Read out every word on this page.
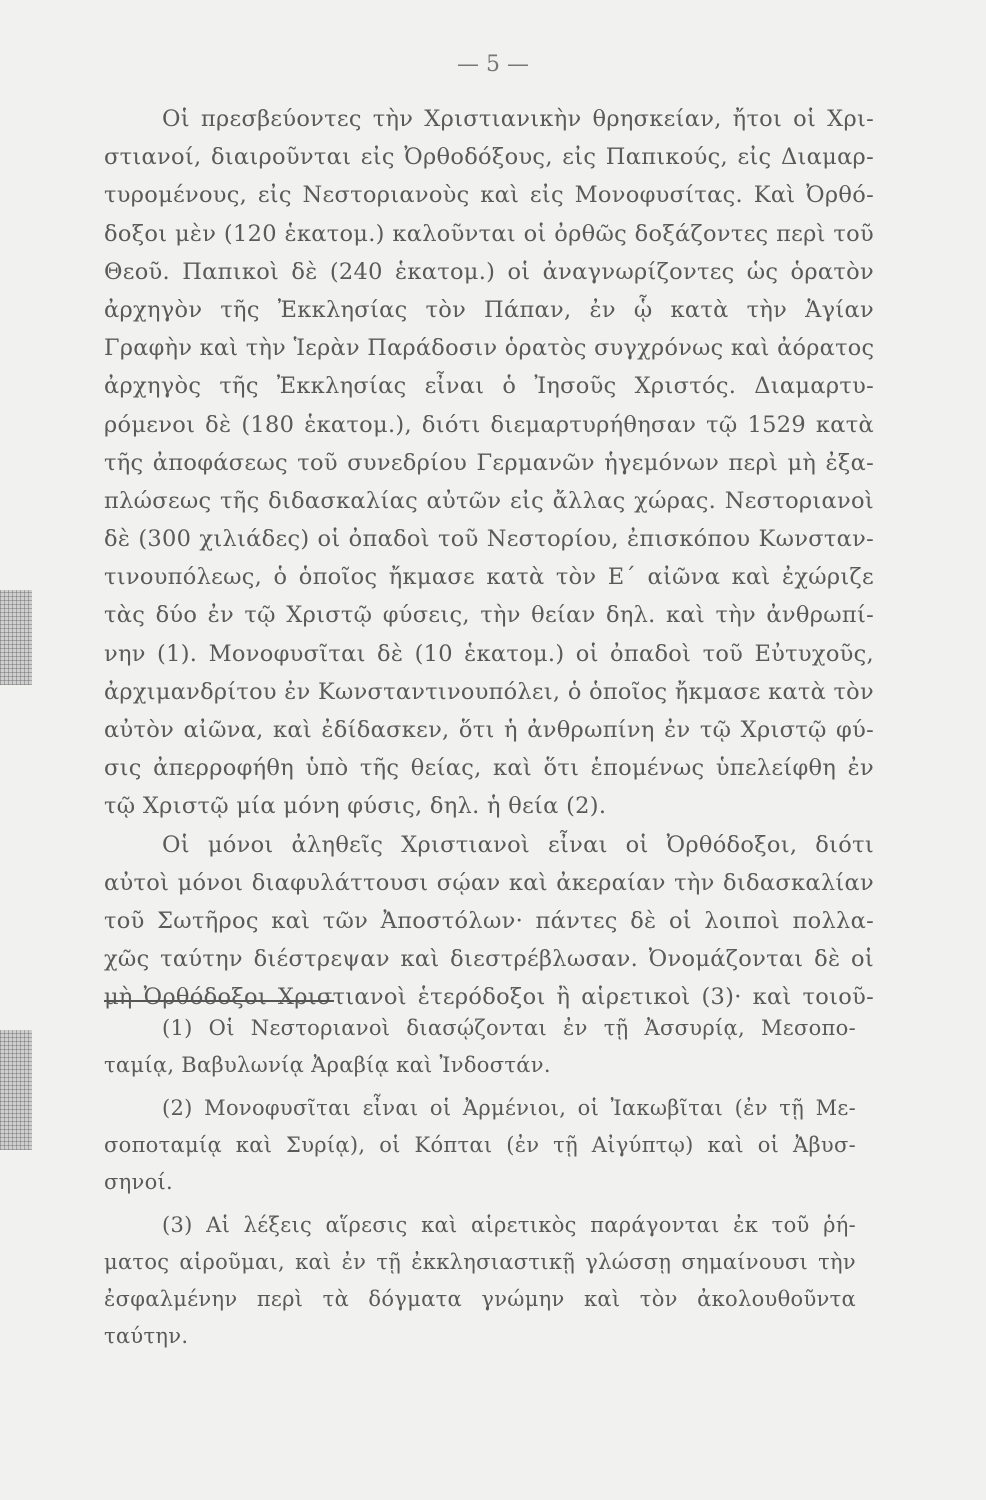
— 5 —
Οἱ πρεσβεύοντες τὴν Χριστιανικὴν θρησκείαν, ἤτοι οἱ Χρι-
στιανοί, διαιροῦνται εἰς Ὀρθοδόξους, εἰς Παπικούς, εἰς Διαμαρ-
τυρομένους, εἰς Νεστοριανοὺς καὶ εἰς Μονοφυσίτας. Καὶ Ὀρθό-
δοξοι μὲν (120 ἑκατομ.) καλοῦνται οἱ ὀρθῶς δοξάζοντες περὶ τοῦ
Θεοῦ. Παπικοὶ δὲ (240 ἑκατομ.) οἱ ἀναγνωρίζοντες ὡς ὁρατὸν
ἀρχηγὸν τῆς Ἐκκλησίας τὸν Πάπαν, ἐν ᾧ κατὰ τὴν Ἁγίαν
Γραφὴν καὶ τὴν Ἱερὰν Παράδοσιν ὁρατὸς συγχρόνως καὶ ἀόρατος
ἀρχηγὸς τῆς Ἐκκλησίας εἶναι ὁ Ἰησοῦς Χριστός. Διαμαρτυ-
ρόμενοι δὲ (180 ἑκατομ.), διότι διεμαρτυρήθησαν τῷ 1529 κατὰ
τῆς ἀποφάσεως τοῦ συνεδρίου Γερμανῶν ἡγεμόνων περὶ μὴ ἐξα-
πλώσεως τῆς διδασκαλίας αὐτῶν εἰς ἄλλας χώρας. Νεστοριανοὶ
δὲ (300 χιλιάδες) οἱ ὀπαδοὶ τοῦ Νεστορίου, ἐπισκόπου Κωνσταν-
τινουπόλεως, ὁ ὁποῖος ἤκμασε κατὰ τὸν Ε´ αἰῶνα καὶ ἐχώριζε
τὰς δύο ἐν τῷ Χριστῷ φύσεις, τὴν θείαν δηλ. καὶ τὴν ἀνθρωπί-
νην (1). Μονοφυσῖται δὲ (10 ἑκατομ.) οἱ ὀπαδοὶ τοῦ Εὐτυχοῦς,
ἀρχιμανδρίτου ἐν Κωνσταντινουπόλει, ὁ ὁποῖος ἤκμασε κατὰ τὸν
αὐτὸν αἰῶνα, καὶ ἐδίδασκεν, ὅτι ἡ ἀνθρωπίνη ἐν τῷ Χριστῷ φύ-
σις ἀπερροφήθη ὑπὸ τῆς θείας, καὶ ὅτι ἑπομένως ὑπελείφθη ἐν
τῷ Χριστῷ μία μόνη φύσις, δηλ. ἡ θεία (2).
Οἱ μόνοι ἀληθεῖς Χριστιανοὶ εἶναι οἱ Ὀρθόδοξοι, διότι
αὐτοὶ μόνοι διαφυλάττουσι σῴαν καὶ ἀκεραίαν τὴν διδασκαλίαν
τοῦ Σωτῆρος καὶ τῶν Ἀποστόλων· πάντες δὲ οἱ λοιποὶ πολλα-
χῶς ταύτην διέστρεψαν καὶ διεστρέβλωσαν. Ὀνομάζονται δὲ οἱ
μὴ Ὀρθόδοξοι Χριστιανοὶ ἑτερόδοξοι ἢ αἱρετικοὶ (3)· καὶ τοιοῦ-
(1) Οἱ Νεστοριανοὶ διασῴζονται ἐν τῇ Ἀσσυρίᾳ, Μεσοπο-
ταμίᾳ, Βαβυλωνίᾳ Ἀραβίᾳ καὶ Ἰνδοστάν.
(2) Μονοφυσῖται εἶναι οἱ Ἀρμένιοι, οἱ Ἰακωβῖται (ἐν τῇ Με-
σοποταμίᾳ καὶ Συρίᾳ), οἱ Κόπται (ἐν τῇ Αἰγύπτῳ) καὶ οἱ Ἀβυσ-
σηνοί.
(3) Αἱ λέξεις αἵρεσις καὶ αἱρετικὸς παράγονται ἐκ τοῦ ῥή-
ματος αἱροῦμαι, καὶ ἐν τῇ ἐκκλησιαστικῇ γλώσσῃ σημαίνουσι τὴν
ἐσφαλμένην περὶ τὰ δόγματα γνώμην καὶ τὸν ἀκολουθοῦντα
ταύτην.
